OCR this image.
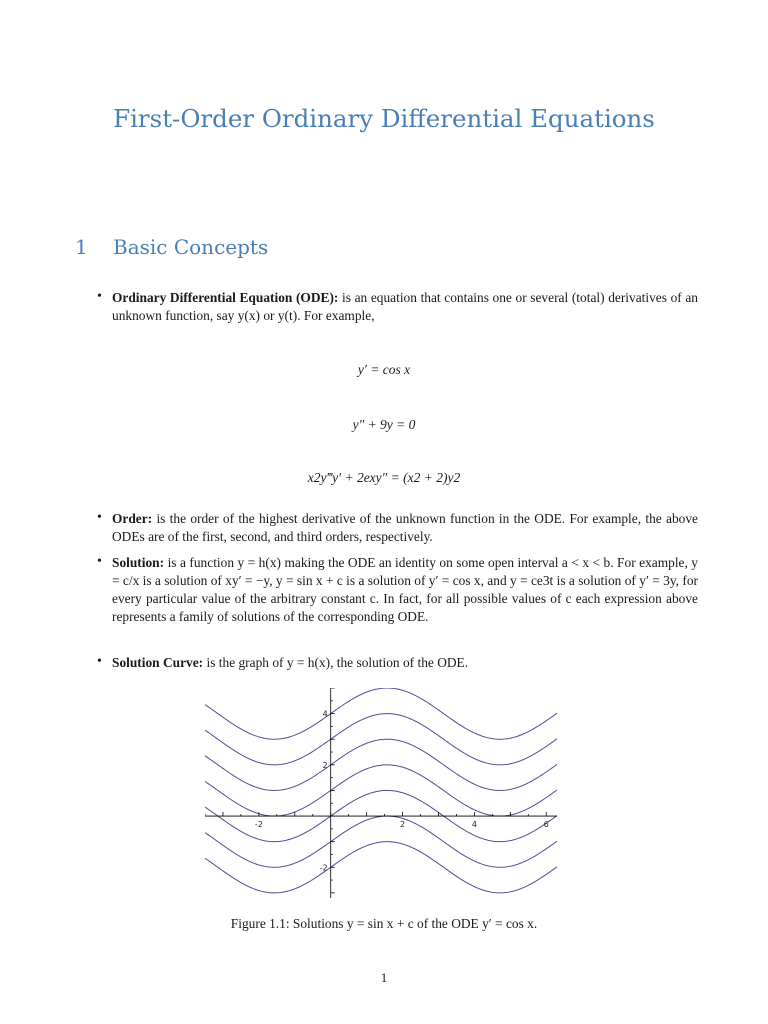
First-Order Ordinary Differential Equations
1 Basic Concepts
• Ordinary Differential Equation (ODE): is an equation that contains one or several (total) derivatives of an unknown function, say y(x) or y(t). For example,
y′ = cos x
y″ + 9y = 0
x2y‴y′ + 2exy″ = (x2 + 2)y2
• Order: is the order of the highest derivative of the unknown function in the ODE. For example, the above ODEs are of the first, second, and third orders, respectively.
• Solution: is a function y = h(x) making the ODE an identity on some open interval a < x < b. For example, y = c/x is a solution of xy′ = −y, y = sin x + c is a solution of y′ = cos x, and y = ce3t is a solution of y′ = 3y, for every particular value of the arbitrary constant c. In fact, for all possible values of c each expression above represents a family of solutions of the corresponding ODE.
• Solution Curve: is the graph of y = h(x), the solution of the ODE.
-2	2	4	6
-2
2
4
Figure 1.1: Solutions y = sin x + c of the ODE y′ = cos x.
1
